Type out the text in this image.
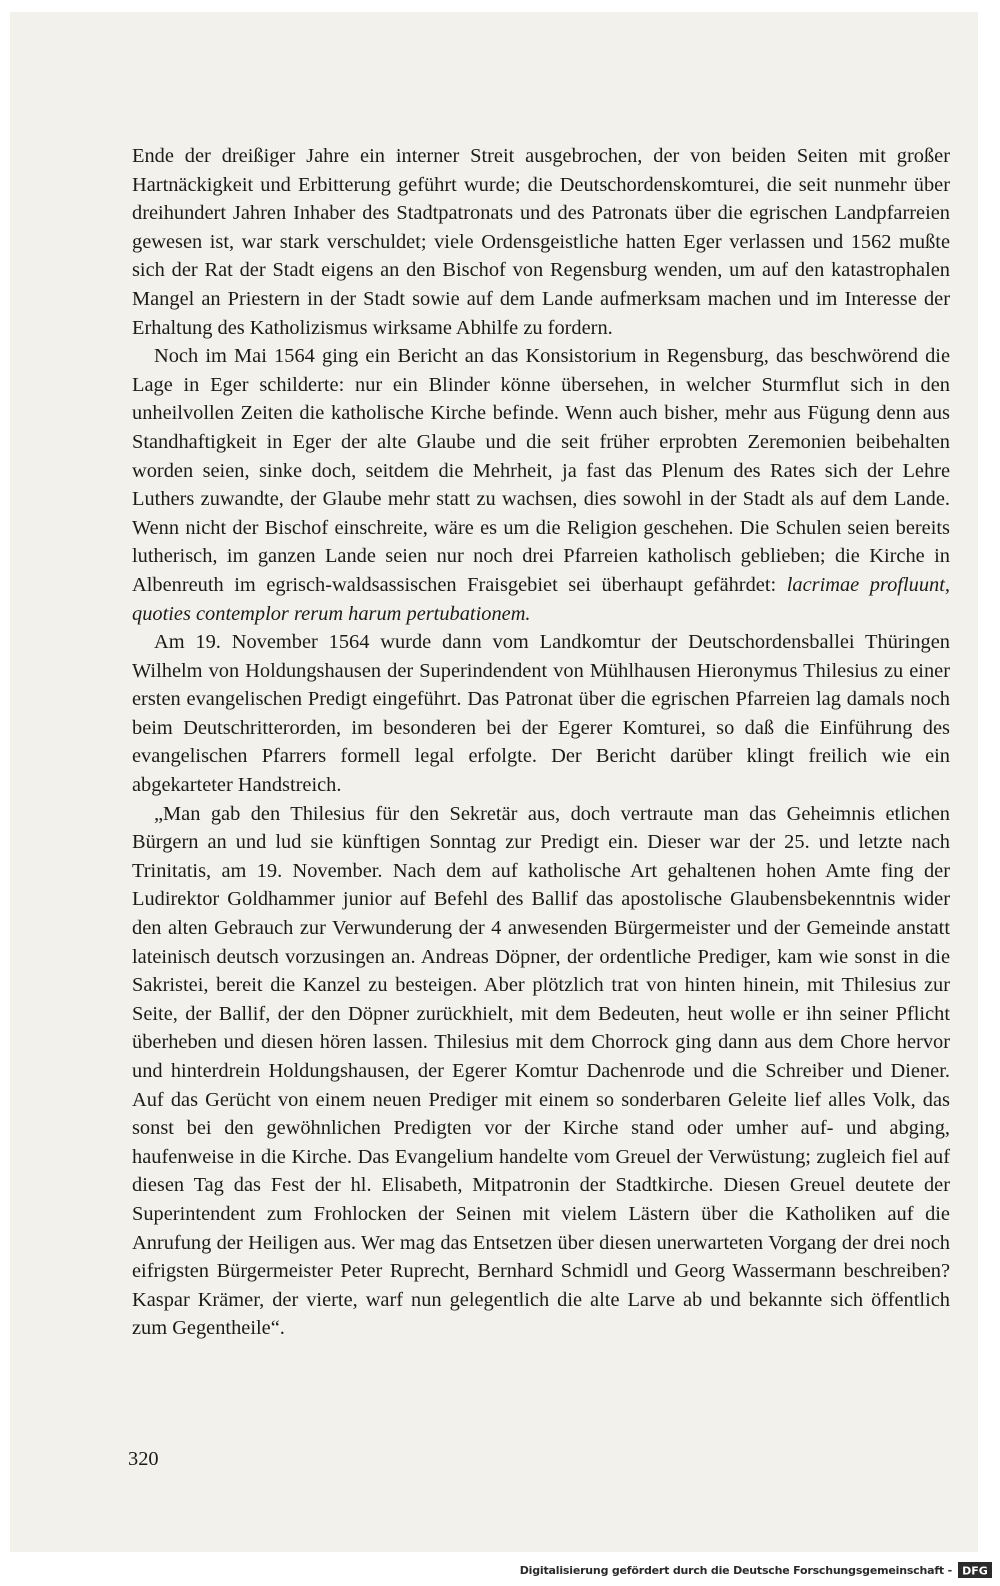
Ende der dreißiger Jahre ein interner Streit ausgebrochen, der von beiden Seiten mit großer Hartnäckigkeit und Erbitterung geführt wurde; die Deutschordenskomturei, die seit nunmehr über dreihundert Jahren Inhaber des Stadtpatronats und des Patronats über die egrischen Landpfarreien gewesen ist, war stark verschuldet; viele Ordensgeistliche hatten Eger verlassen und 1562 mußte sich der Rat der Stadt eigens an den Bischof von Regensburg wenden, um auf den katastrophalen Mangel an Priestern in der Stadt sowie auf dem Lande aufmerksam machen und im Interesse der Erhaltung des Katholizismus wirksame Abhilfe zu fordern.

Noch im Mai 1564 ging ein Bericht an das Konsistorium in Regensburg, das beschwörend die Lage in Eger schilderte: nur ein Blinder könne übersehen, in welcher Sturmflut sich in den unheilvollen Zeiten die katholische Kirche befinde. Wenn auch bisher, mehr aus Fügung denn aus Standhaftigkeit in Eger der alte Glaube und die seit früher erprobten Zeremonien beibehalten worden seien, sinke doch, seitdem die Mehrheit, ja fast das Plenum des Rates sich der Lehre Luthers zuwandte, der Glaube mehr statt zu wachsen, dies sowohl in der Stadt als auf dem Lande. Wenn nicht der Bischof einschreite, wäre es um die Religion geschehen. Die Schulen seien bereits lutherisch, im ganzen Lande seien nur noch drei Pfarreien katholisch geblieben; die Kirche in Albenreuth im egrisch-waldsassischen Fraisgebiet sei überhaupt gefährdet: lacrimae profluunt, quoties contemplor rerum harum pertubationem.

Am 19. November 1564 wurde dann vom Landkomtur der Deutschordensballei Thüringen Wilhelm von Holdungshausen der Superindendent von Mühlhausen Hieronymus Thilesius zu einer ersten evangelischen Predigt eingeführt. Das Patronat über die egrischen Pfarreien lag damals noch beim Deutschritterorden, im besonderen bei der Egerer Komturei, so daß die Einführung des evangelischen Pfarrers formell legal erfolgte. Der Bericht darüber klingt freilich wie ein abgekarteter Handstreich.

„Man gab den Thilesius für den Sekretär aus, doch vertraute man das Geheimnis etlichen Bürgern an und lud sie künftigen Sonntag zur Predigt ein. Dieser war der 25. und letzte nach Trinitatis, am 19. November. Nach dem auf katholische Art gehaltenen hohen Amte fing der Ludirektor Goldhammer junior auf Befehl des Ballif das apostolische Glaubensbekenntnis wider den alten Gebrauch zur Verwunderung der 4 anwesenden Bürgermeister und der Gemeinde anstatt lateinisch deutsch vorzusingen an. Andreas Döpner, der ordentliche Prediger, kam wie sonst in die Sakristei, bereit die Kanzel zu besteigen. Aber plötzlich trat von hinten hinein, mit Thilesius zur Seite, der Ballif, der den Döpner zurückhielt, mit dem Bedeuten, heut wolle er ihn seiner Pflicht überheben und diesen hören lassen. Thilesius mit dem Chorrock ging dann aus dem Chore hervor und hinterdrein Holdungshausen, der Egerer Komtur Dachenrode und die Schreiber und Diener. Auf das Gerücht von einem neuen Prediger mit einem so sonderbaren Geleite lief alles Volk, das sonst bei den gewöhnlichen Predigten vor der Kirche stand oder umher auf- und abging, haufenweise in die Kirche. Das Evangelium handelte vom Greuel der Verwüstung; zugleich fiel auf diesen Tag das Fest der hl. Elisabeth, Mitpatronin der Stadtkirche. Diesen Greuel deutete der Superintendent zum Frohlocken der Seinen mit vielem Lästern über die Katholiken auf die Anrufung der Heiligen aus. Wer mag das Entsetzen über diesen unerwarteten Vorgang der drei noch eifrigsten Bürgermeister Peter Ruprecht, Bernhard Schmidl und Georg Wassermann beschreiben? Kaspar Krämer, der vierte, warf nun gelegentlich die alte Larve ab und bekannte sich öffentlich zum Gegentheile“.

320
Digitalisierung gefördert durch die Deutsche Forschungsgemeinschaft - DFG
